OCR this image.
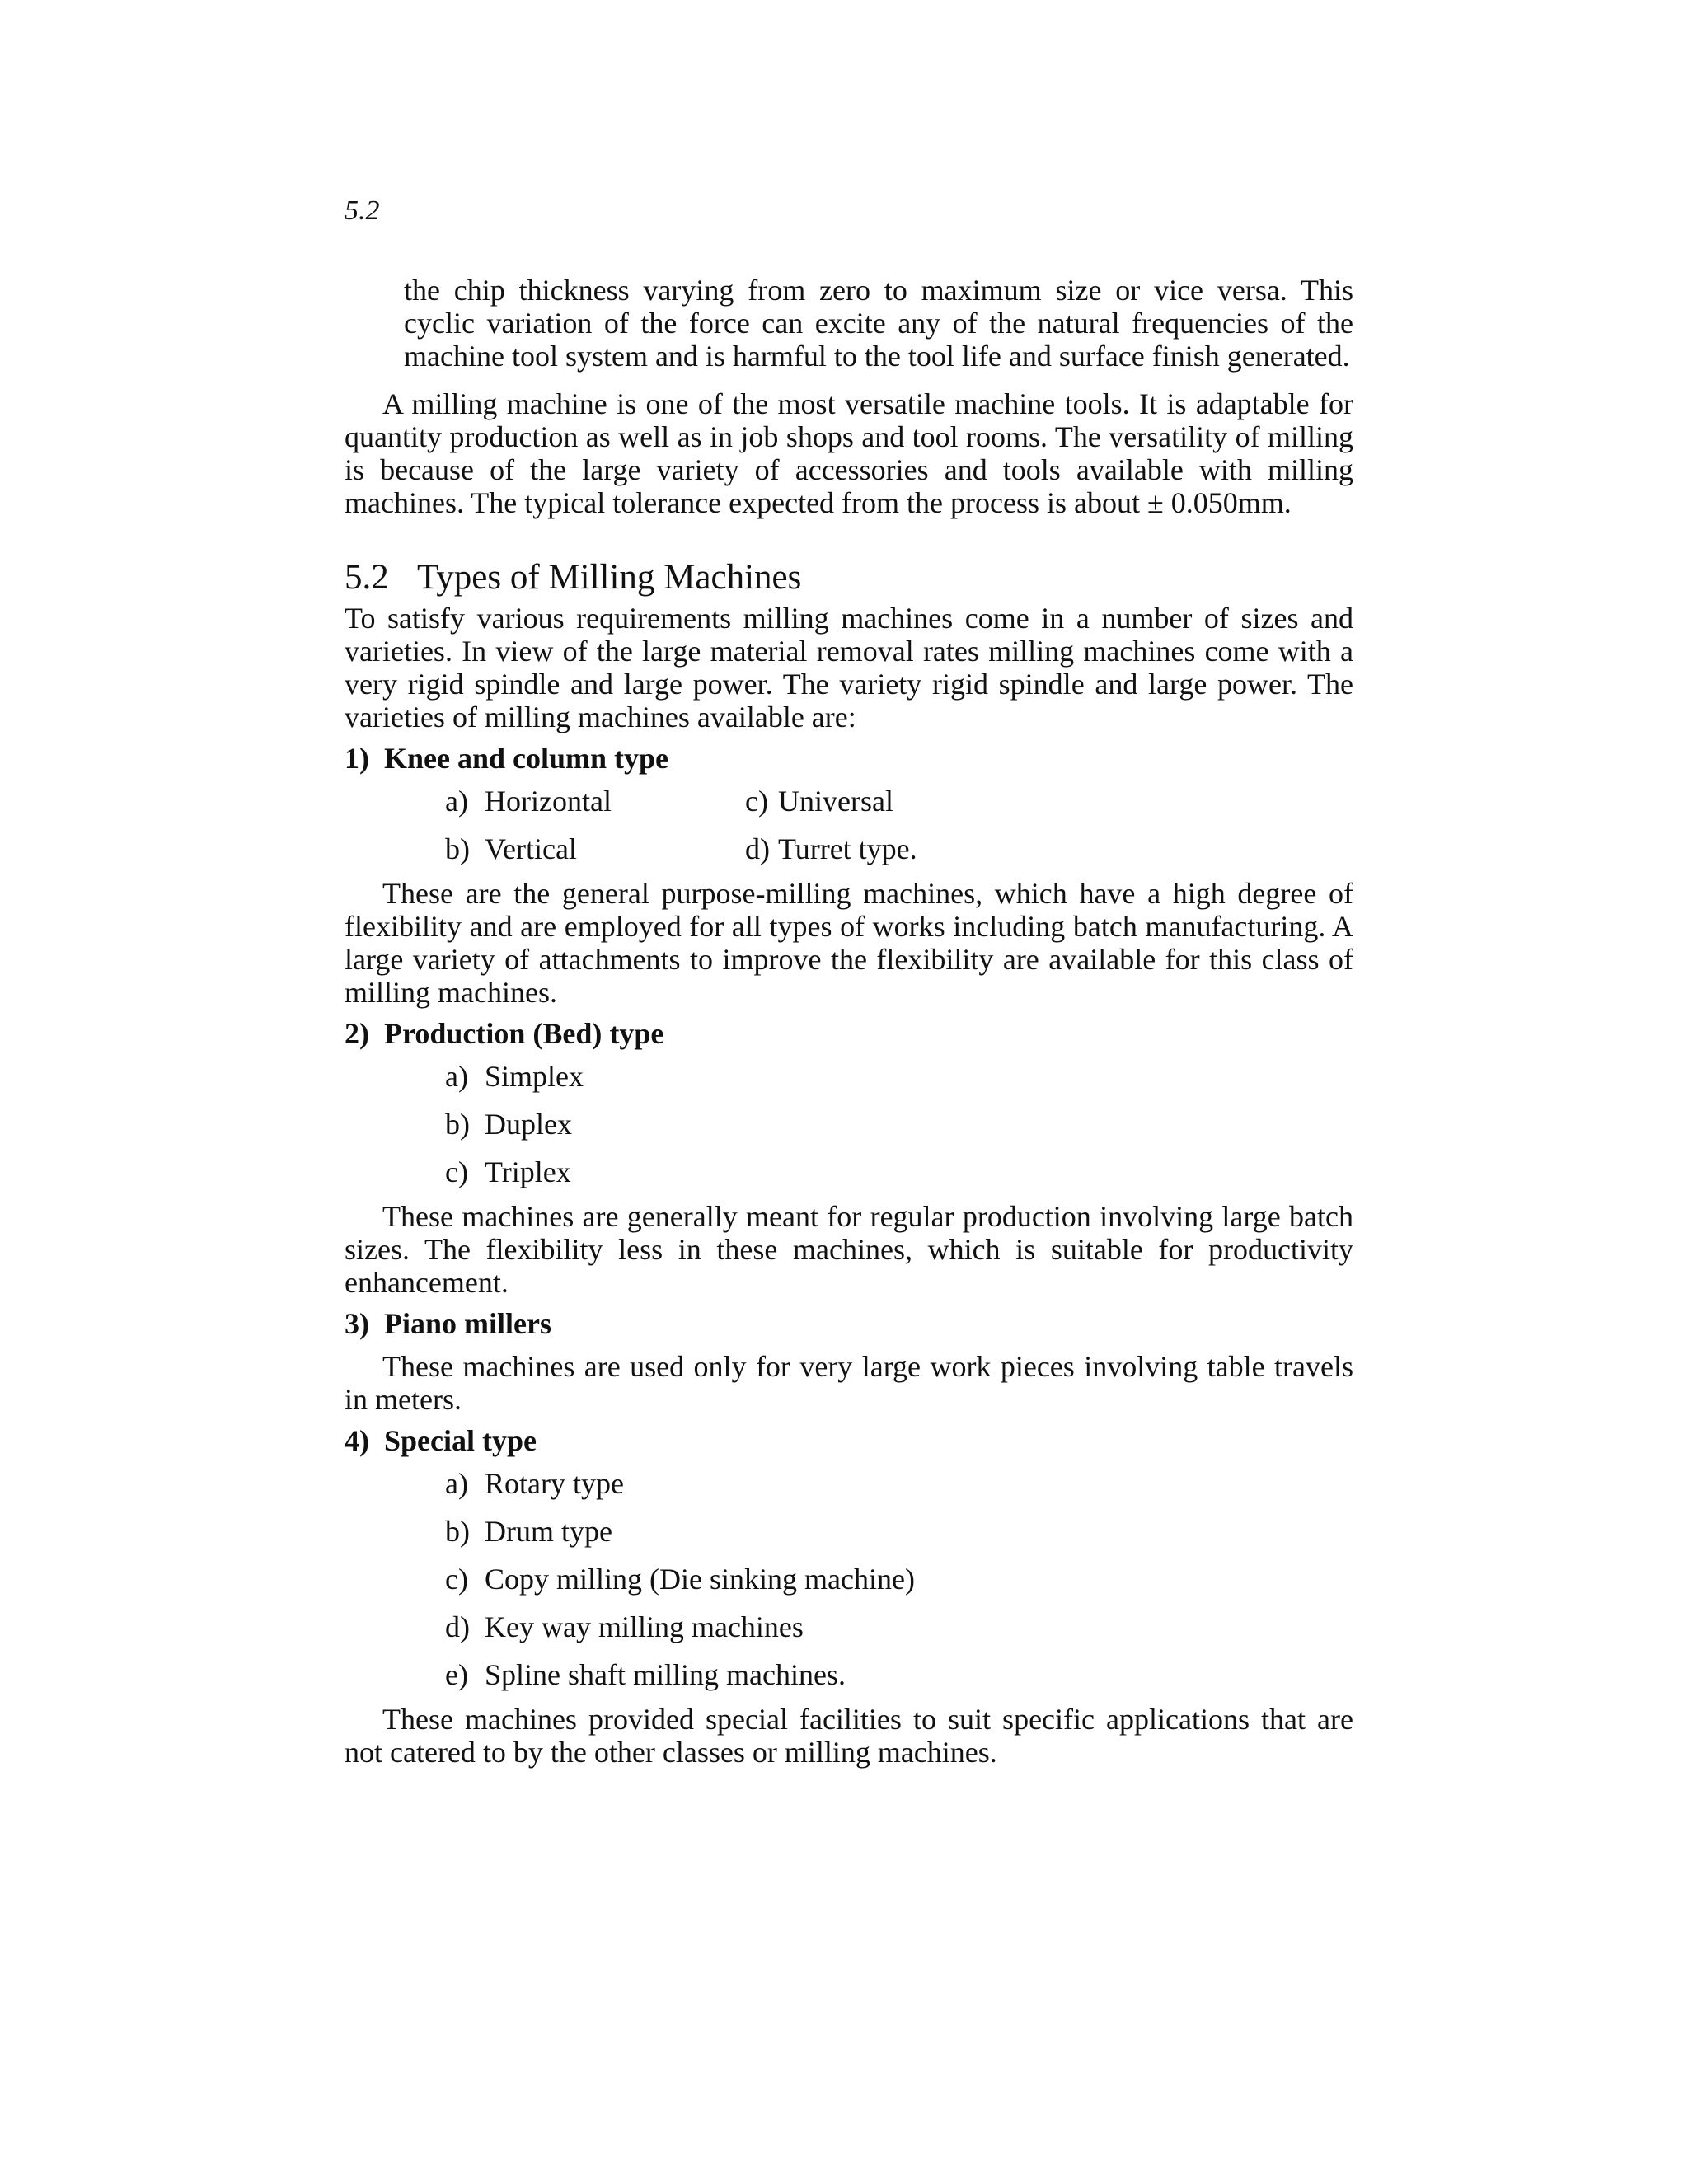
5.2

the chip thickness varying from zero to maximum size or vice versa. This cyclic variation of the force can excite any of the natural frequencies of the machine tool system and is harmful to the tool life and surface finish generated.

A milling machine is one of the most versatile machine tools. It is adaptable for quantity production as well as in job shops and tool rooms. The versatility of milling is because of the large variety of accessories and tools available with milling machines. The typical tolerance expected from the process is about ± 0.050mm.

5.2 Types of Milling Machines

To satisfy various requirements milling machines come in a number of sizes and varieties. In view of the large material removal rates milling machines come with a very rigid spindle and large power. The variety rigid spindle and large power. The varieties of milling machines available are:

1) Knee and column type
a) Horizontal	c) Universal
b) Vertical	d) Turret type.

These are the general purpose-milling machines, which have a high degree of flexibility and are employed for all types of works including batch manufacturing. A large variety of attachments to improve the flexibility are available for this class of milling machines.

2) Production (Bed) type
a) Simplex
b) Duplex
c) Triplex

These machines are generally meant for regular production involving large batch sizes. The flexibility less in these machines, which is suitable for productivity enhancement.

3) Piano millers

These machines are used only for very large work pieces involving table travels in meters.

4) Special type
a) Rotary type
b) Drum type
c) Copy milling (Die sinking machine)
d) Key way milling machines
e) Spline shaft milling machines.

These machines provided special facilities to suit specific applications that are not catered to by the other classes or milling machines.
